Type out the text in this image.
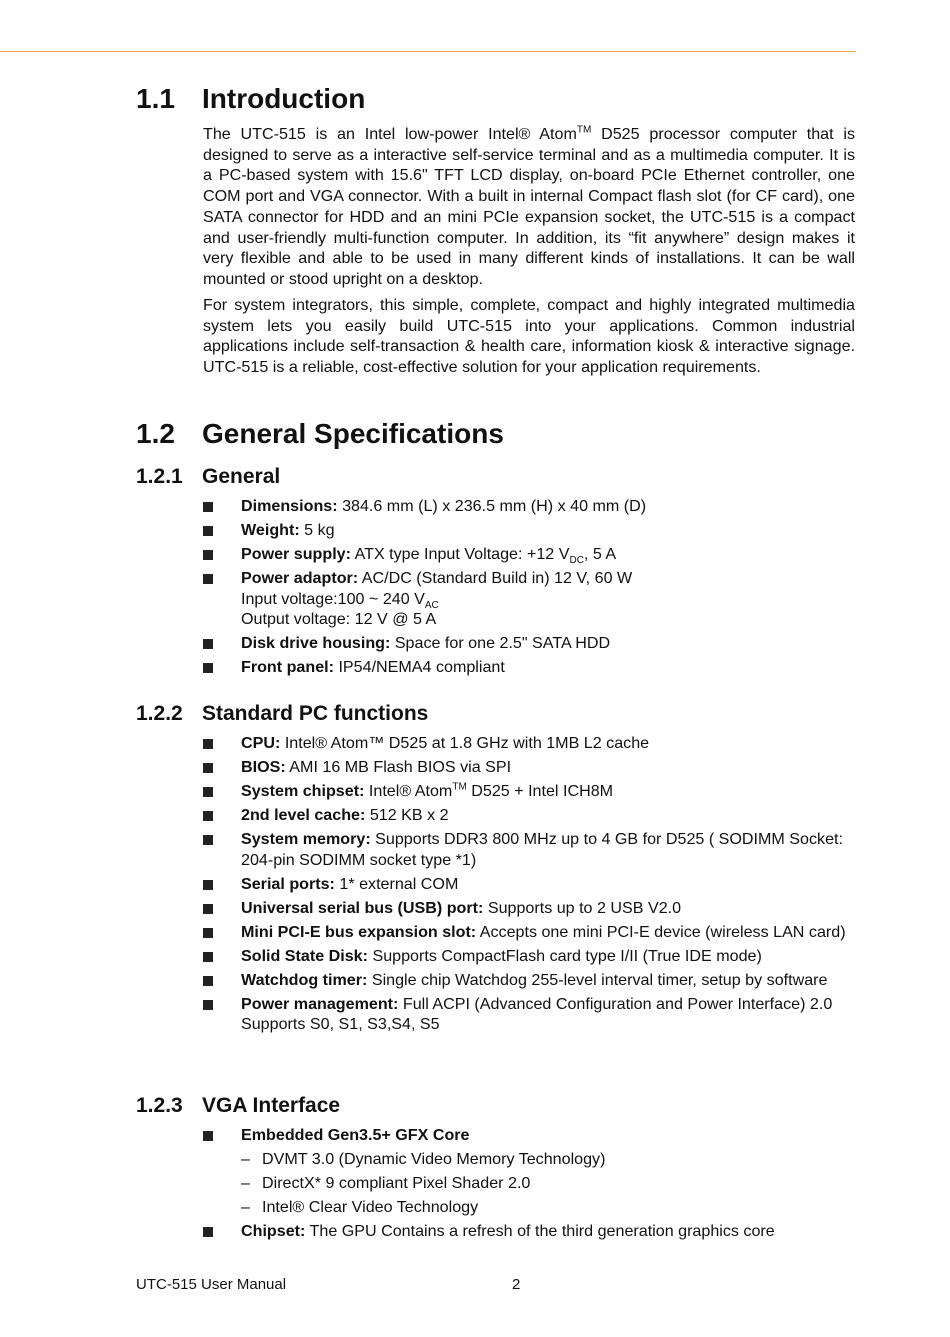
1.1 Introduction

The UTC-515 is an Intel low-power Intel® Atom™ D525 processor computer that is designed to serve as a interactive self-service terminal and as a multimedia computer. It is a PC-based system with 15.6" TFT LCD display, on-board PCIe Ethernet controller, one COM port and VGA connector. With a built in internal Compact flash slot (for CF card), one SATA connector for HDD and an mini PCIe expansion socket, the UTC-515 is a compact and user-friendly multi-function computer. In addition, its “fit anywhere” design makes it very flexible and able to be used in many different kinds of installations. It can be wall mounted or stood upright on a desktop.

For system integrators, this simple, complete, compact and highly integrated multimedia system lets you easily build UTC-515 into your applications. Common industrial applications include self-transaction & health care, information kiosk & interactive signage. UTC-515 is a reliable, cost-effective solution for your application requirements.

1.2 General Specifications
1.2.1 General
Dimensions: 384.6 mm (L) x 236.5 mm (H) x 40 mm (D)
Weight: 5 kg
Power supply: ATX type Input Voltage: +12 $V_{DC}$, 5 A
Power adaptor: AC/DC (Standard Build in) 12 V, 60 W
Input voltage:100 ~ 240 $V_{AC}$
Output voltage: 12 V @ 5 A
Disk drive housing: Space for one 2.5" SATA HDD
Front panel: IP54/NEMA4 compliant
1.2.2 Standard PC functions
CPU: Intel® Atom™ D525 at 1.8 GHz with 1MB L2 cache
BIOS: AMI 16 MB Flash BIOS via SPI
System chipset: Intel® Atom™ D525 + Intel ICH8M
2nd level cache: 512 KB x 2
System memory: Supports DDR3 800 MHz up to 4 GB for D525 ( SODIMM Socket: 204-pin SODIMM socket type *1)
Serial ports: 1* external COM
Universal serial bus (USB) port: Supports up to 2 USB V2.0
Mini PCI-E bus expansion slot: Accepts one mini PCI-E device (wireless LAN card)
Solid State Disk: Supports CompactFlash card type I/II (True IDE mode)
Watchdog timer: Single chip Watchdog 255-level interval timer, setup by software
Power management: Full ACPI (Advanced Configuration and Power Interface) 2.0 Supports S0, S1, S3,S4, S5
1.2.3 VGA Interface
Embedded Gen3.5+ GFX Core
– DVMT 3.0 (Dynamic Video Memory Technology)
– DirectX* 9 compliant Pixel Shader 2.0
– Intel® Clear Video Technology
Chipset: The GPU Contains a refresh of the third generation graphics core
UTC-515 User Manual	2
